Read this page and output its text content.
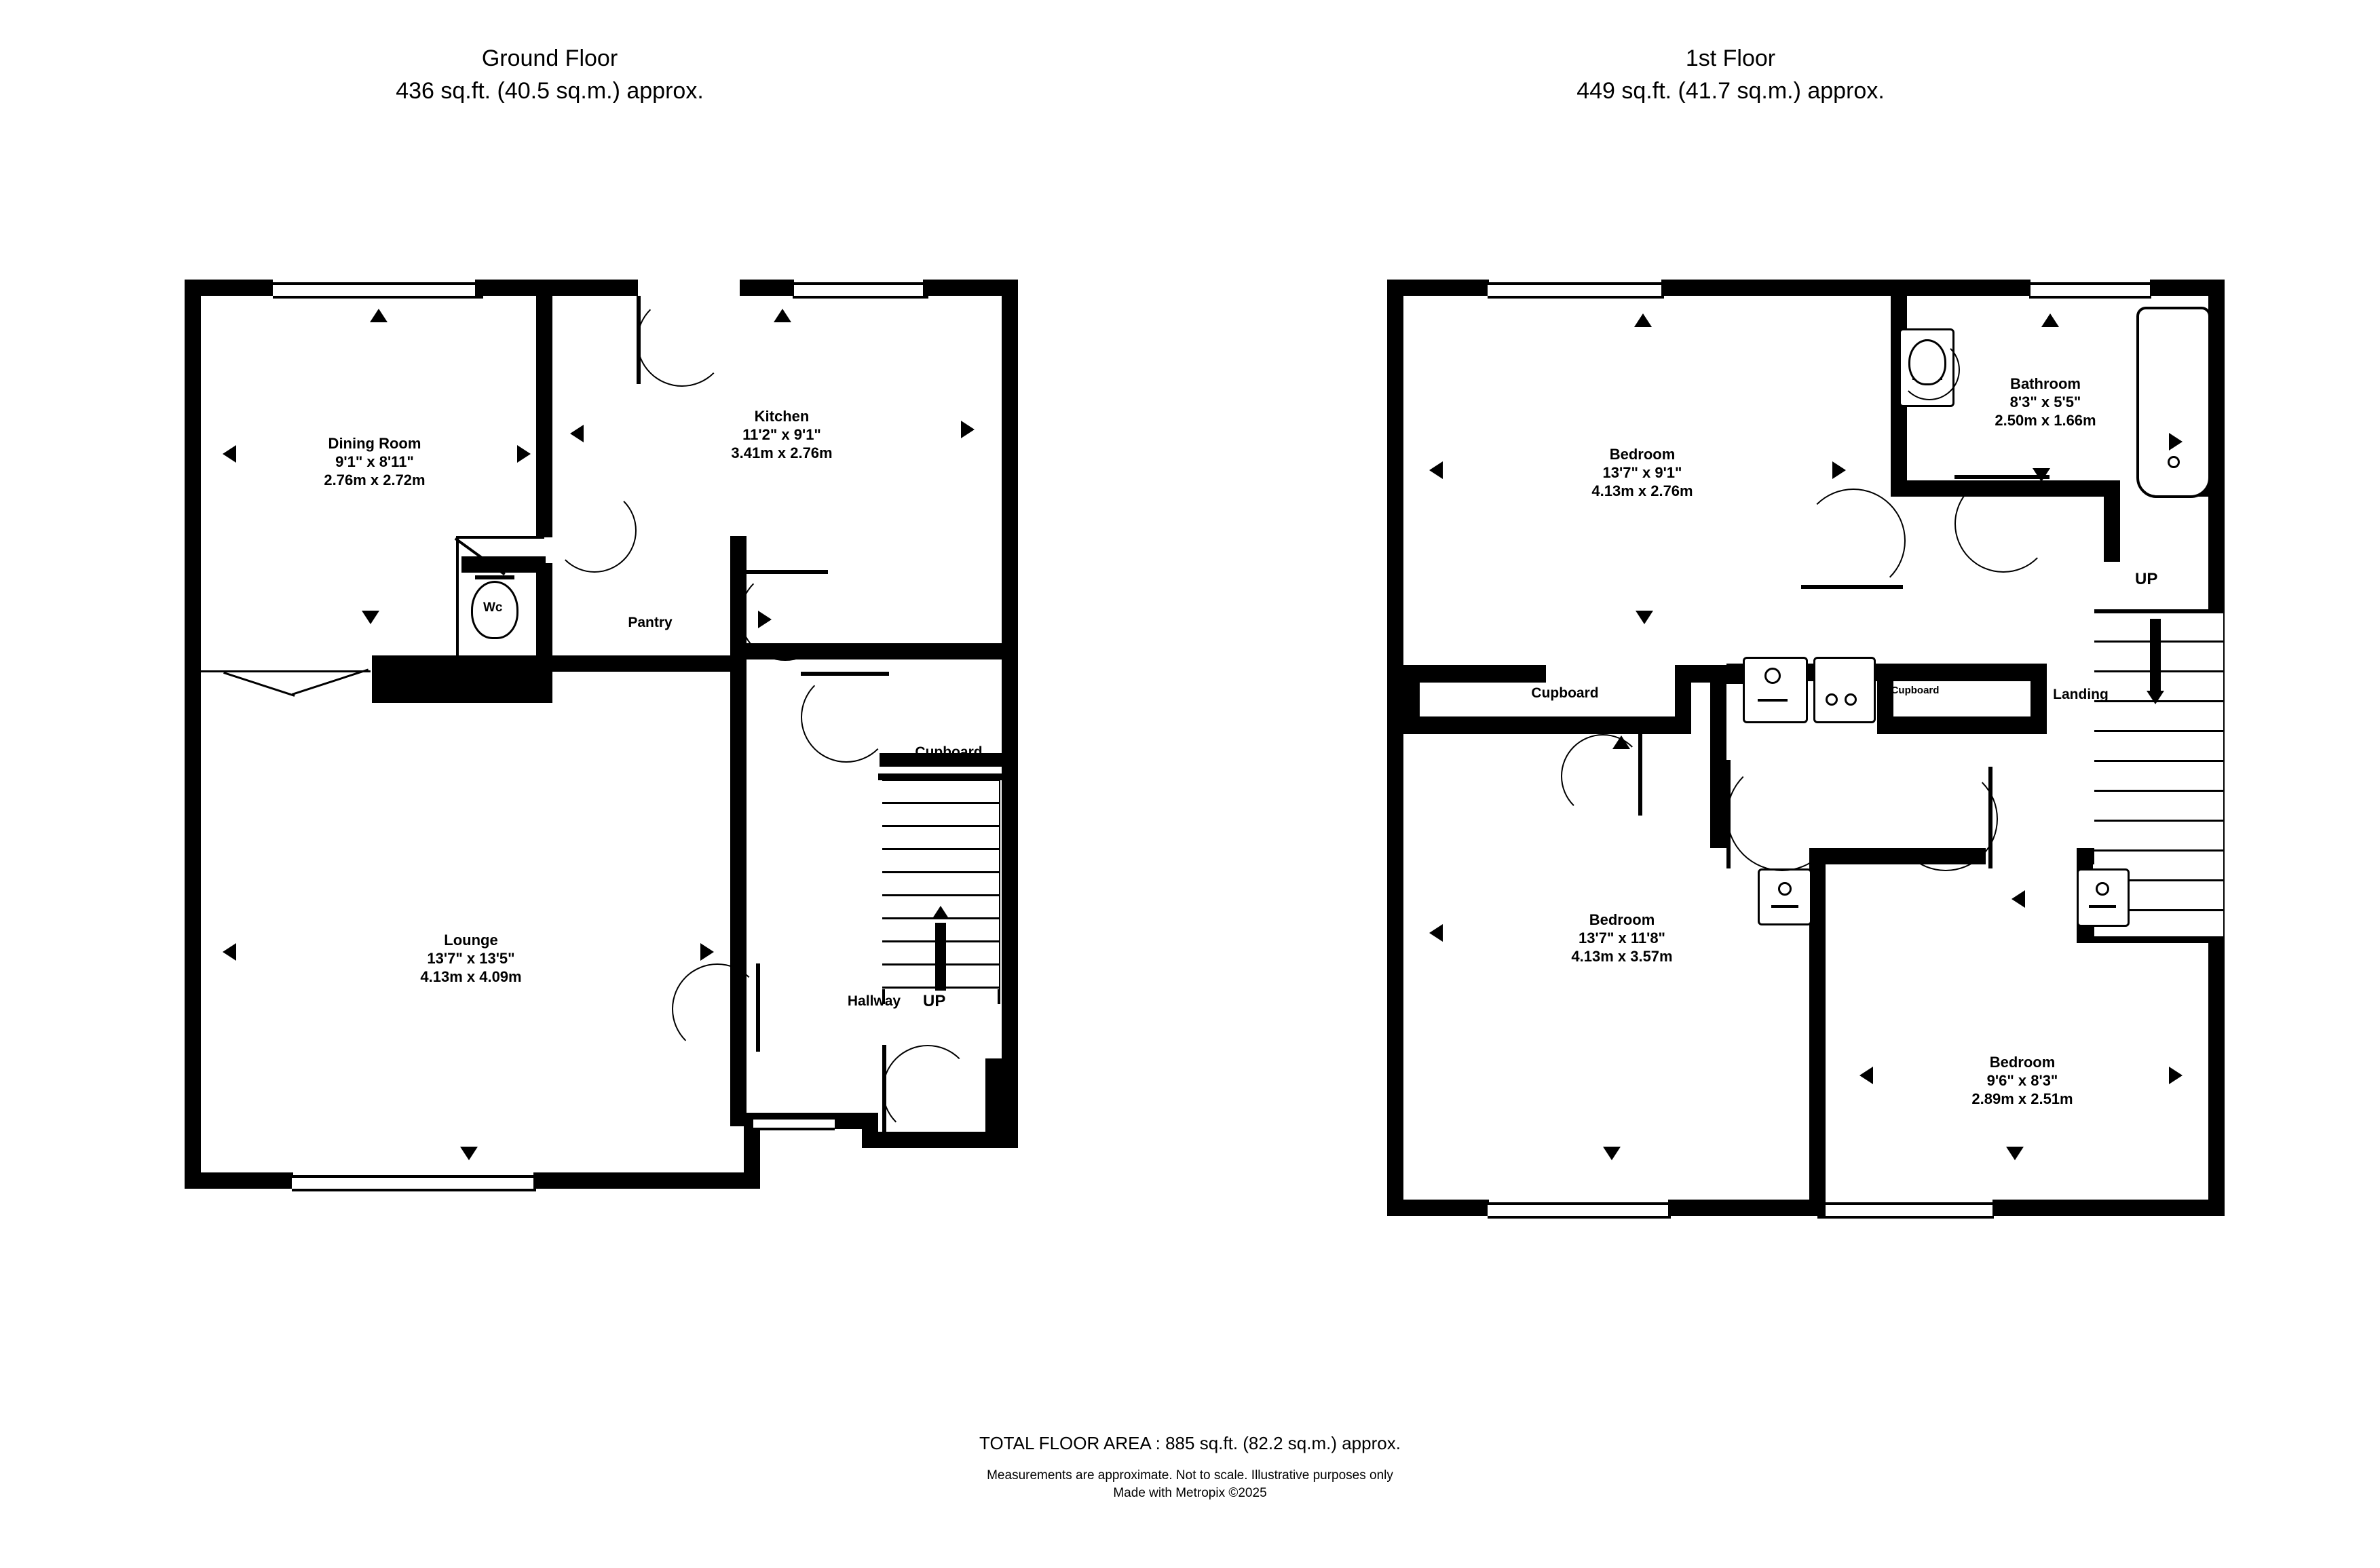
Ground Floor
436 sq.ft. (40.5 sq.m.) approx.
1st Floor
449 sq.ft. (41.7 sq.m.) approx.
UP
Wc
Dining Room
9'1" x 8'11"
2.76m x 2.72m
Kitchen
11'2" x 9'1"
3.41m x 2.76m
Lounge
13'7" x 13'5"
4.13m x 4.09m
Pantry
Cupboard
Hallway
UP
Bedroom
13'7" x 9'1"
4.13m x 2.76m
Bathroom
8'3" x 5'5"
2.50m x 1.66m
Bedroom
13'7" x 11'8"
4.13m x 3.57m
Bedroom
9'6" x 8'3"
2.89m x 2.51m
Cupboard	Cupboard	Landing
TOTAL FLOOR AREA : 885 sq.ft. (82.2 sq.m.) approx.
Measurements are approximate. Not to scale. Illustrative purposes only
Made with Metropix ©2025
